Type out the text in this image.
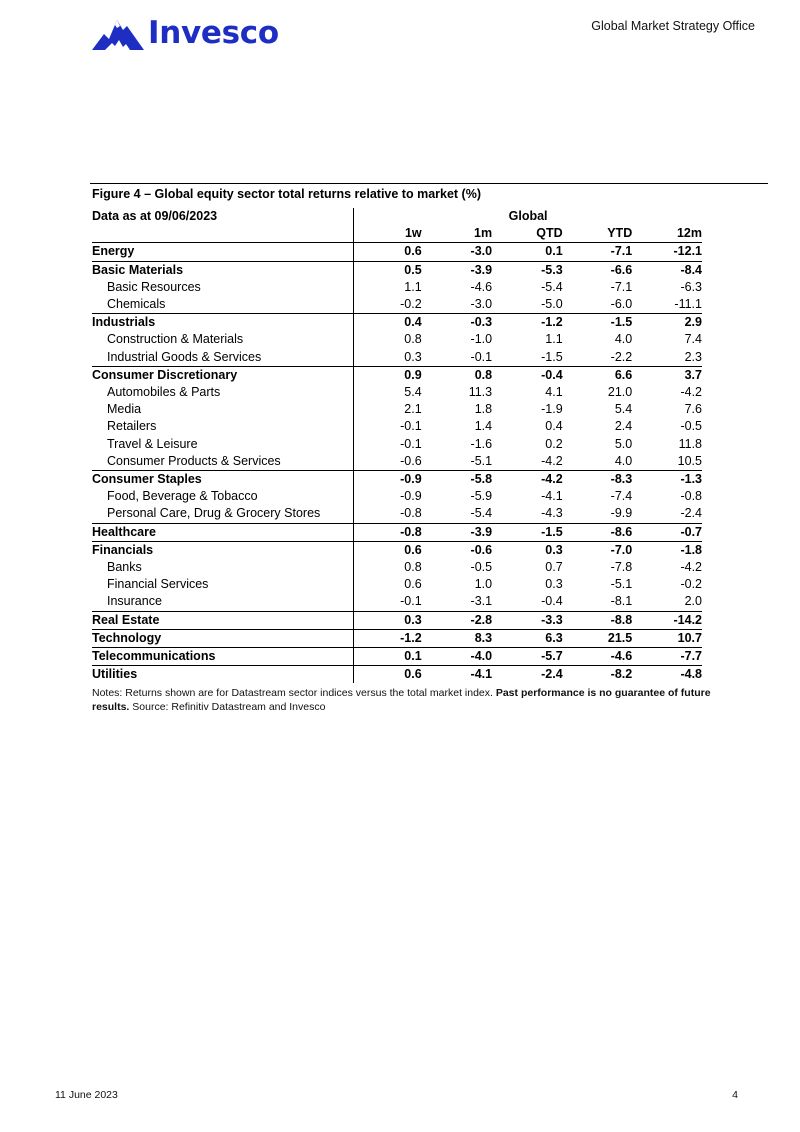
Invesco	Global Market Strategy Office
Figure 4 – Global equity sector total returns relative to market (%)
Data as at 09/06/2023	Global				
	1w	1m	QTD	YTD	12m
Energy	0.6	-3.0	0.1	-7.1	-12.1
Basic Materials	0.5	-3.9	-5.3	-6.6	-8.4
Basic Resources	1.1	-4.6	-5.4	-7.1	-6.3
Chemicals	-0.2	-3.0	-5.0	-6.0	-11.1
Industrials	0.4	-0.3	-1.2	-1.5	2.9
Construction & Materials	0.8	-1.0	1.1	4.0	7.4
Industrial Goods & Services	0.3	-0.1	-1.5	-2.2	2.3
Consumer Discretionary	0.9	0.8	-0.4	6.6	3.7
Automobiles & Parts	5.4	11.3	4.1	21.0	-4.2
Media	2.1	1.8	-1.9	5.4	7.6
Retailers	-0.1	1.4	0.4	2.4	-0.5
Travel & Leisure	-0.1	-1.6	0.2	5.0	11.8
Consumer Products & Services	-0.6	-5.1	-4.2	4.0	10.5
Consumer Staples	-0.9	-5.8	-4.2	-8.3	-1.3
Food, Beverage & Tobacco	-0.9	-5.9	-4.1	-7.4	-0.8
Personal Care, Drug & Grocery Stores	-0.8	-5.4	-4.3	-9.9	-2.4
Healthcare	-0.8	-3.9	-1.5	-8.6	-0.7
Financials	0.6	-0.6	0.3	-7.0	-1.8
Banks	0.8	-0.5	0.7	-7.8	-4.2
Financial Services	0.6	1.0	0.3	-5.1	-0.2
Insurance	-0.1	-3.1	-0.4	-8.1	2.0
Real Estate	0.3	-2.8	-3.3	-8.8	-14.2
Technology	-1.2	8.3	6.3	21.5	10.7
Telecommunications	0.1	-4.0	-5.7	-4.6	-7.7
Utilities	0.6	-4.1	-2.4	-8.2	-4.8
Notes: Returns shown are for Datastream sector indices versus the total market index. Past performance is no guarantee of future results. Source: Refinitiv Datastream and Invesco
11 June 2023	4
